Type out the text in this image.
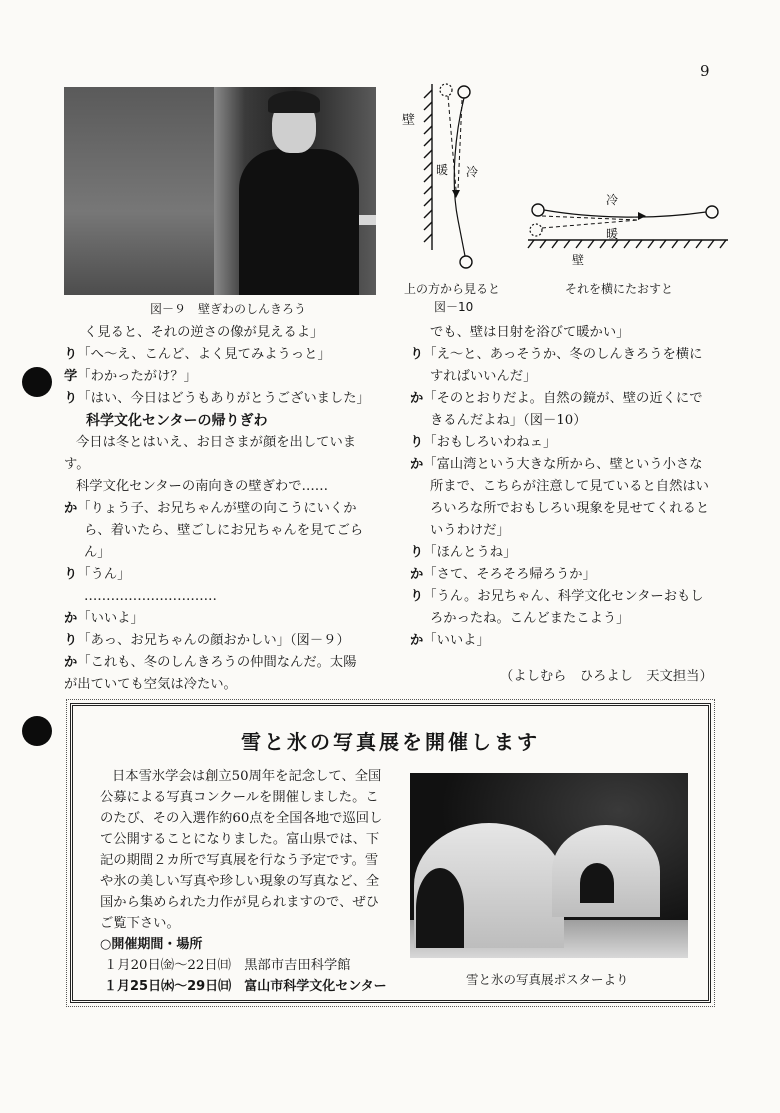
9
図－９　壁ぎわのしんきろう
壁
暖 冷
冷
暖
壁
上の方から見ると
図－10
それを横にたおすと
く見ると、それの逆さの像が見えるよ」
り「へ～え、こんど、よく見てみようっと」
学「わかったがけ？」
り「はい、今日はどうもありがとうございました」
科学文化センターの帰りぎわ
今日は冬とはいえ、お日さまが顔を出していま
す。
科学文化センターの南向きの壁ぎわで……
か「りょう子、お兄ちゃんが壁の向こうにいくか
ら、着いたら、壁ごしにお兄ちゃんを見てごら
ん」
り「うん」
…………………………
か「いいよ」
り「あっ、お兄ちゃんの顔おかしい」（図－９）
か「これも、冬のしんきろうの仲間なんだ。太陽
が出ていても空気は冷たい。
でも、壁は日射を浴びて暖かい」
り「え～と、あっそうか、冬のしんきろうを横に
すればいいんだ」
か「そのとおりだよ。自然の鏡が、壁の近くにで
きるんだよね」（図－10）
り「おもしろいわねェ」
か「富山湾という大きな所から、壁という小さな
所まで、こちらが注意して見ていると自然はい
ろいろな所でおもしろい現象を見せてくれると
いうわけだ」
り「ほんとうね」
か「さて、そろそろ帰ろうか」
り「うん。お兄ちゃん、科学文化センターおもし
ろかったね。こんどまたこよう」
か「いいよ」
（よしむら　ひろよし　天文担当）
雪と氷の写真展を開催します
日本雪氷学会は創立50周年を記念して、全国
公募による写真コンクールを開催しました。こ
のたび、その入選作約60点を全国各地で巡回し
て公開することになりました。富山県では、下
記の期間２カ所で写真展を行なう予定です。雪
や氷の美しい写真や珍しい現象の写真など、全
国から集められた力作が見られますので、ぜひ
ご覧下さい。
○開催期間・場所
１月20日㈮～22日㈰　 黒部市吉田科学館
１月25日㈬～29日㈰　 富山市科学文化センター	雪と氷の写真展ポスターより
